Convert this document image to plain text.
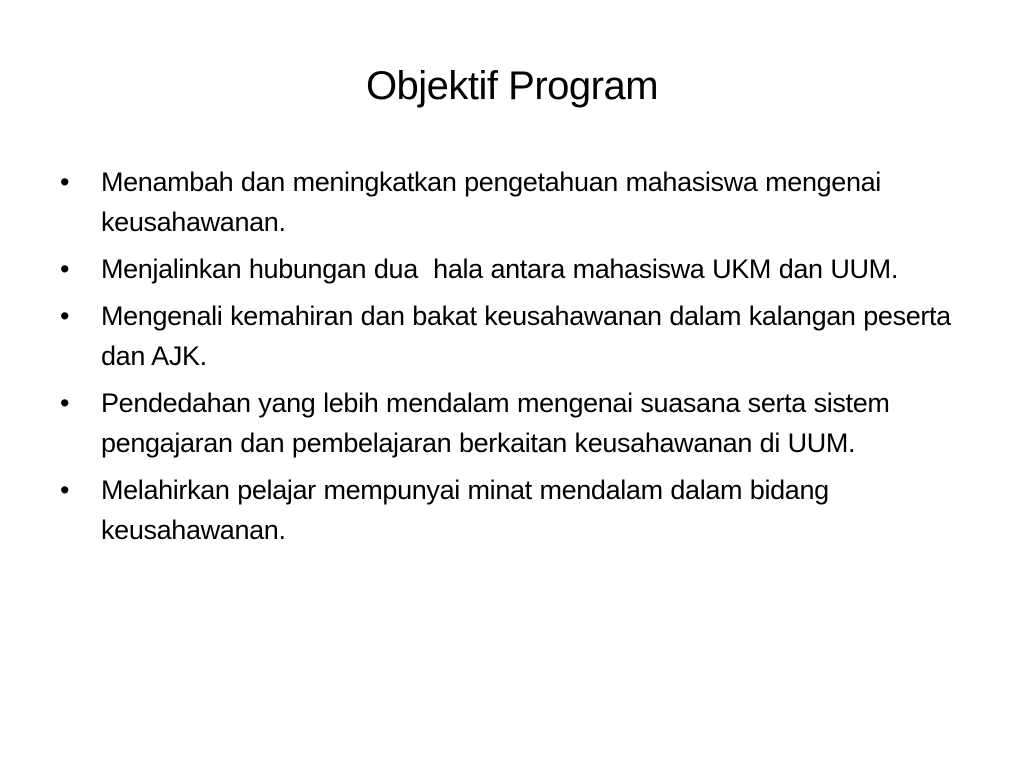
Objektif Program
•	Menambah dan meningkatkan pengetahuan mahasiswa mengenai keusahawanan.
•	Menjalinkan hubungan dua  hala antara mahasiswa UKM dan UUM.
•	Mengenali kemahiran dan bakat keusahawanan dalam kalangan peserta dan AJK.
•	Pendedahan yang lebih mendalam mengenai suasana serta sistem pengajaran dan pembelajaran berkaitan keusahawanan di UUM.
•	Melahirkan pelajar mempunyai minat mendalam dalam bidang keusahawanan.
